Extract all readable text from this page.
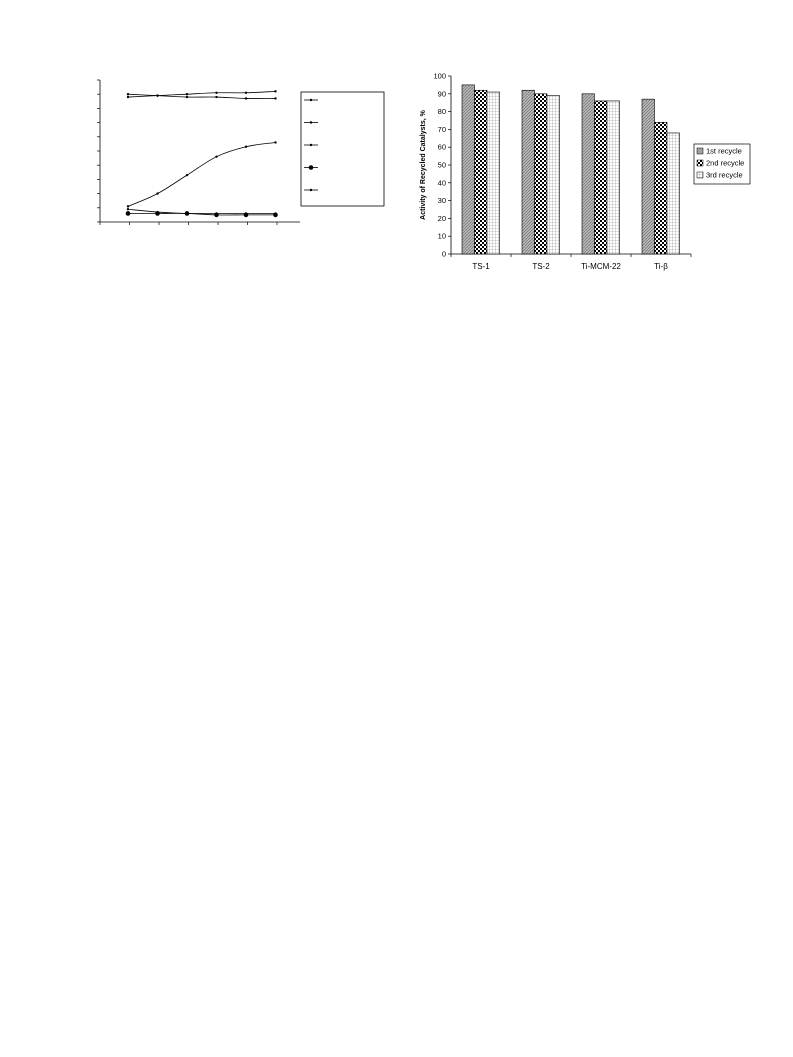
0
10
20
30
40
50
60
70
80
90
100
TS-1	TS-2	Ti-MCM-22	Ti-β
Activity of Recycled Catalysts, %	1st recycle
2nd recycle
3rd recycle
